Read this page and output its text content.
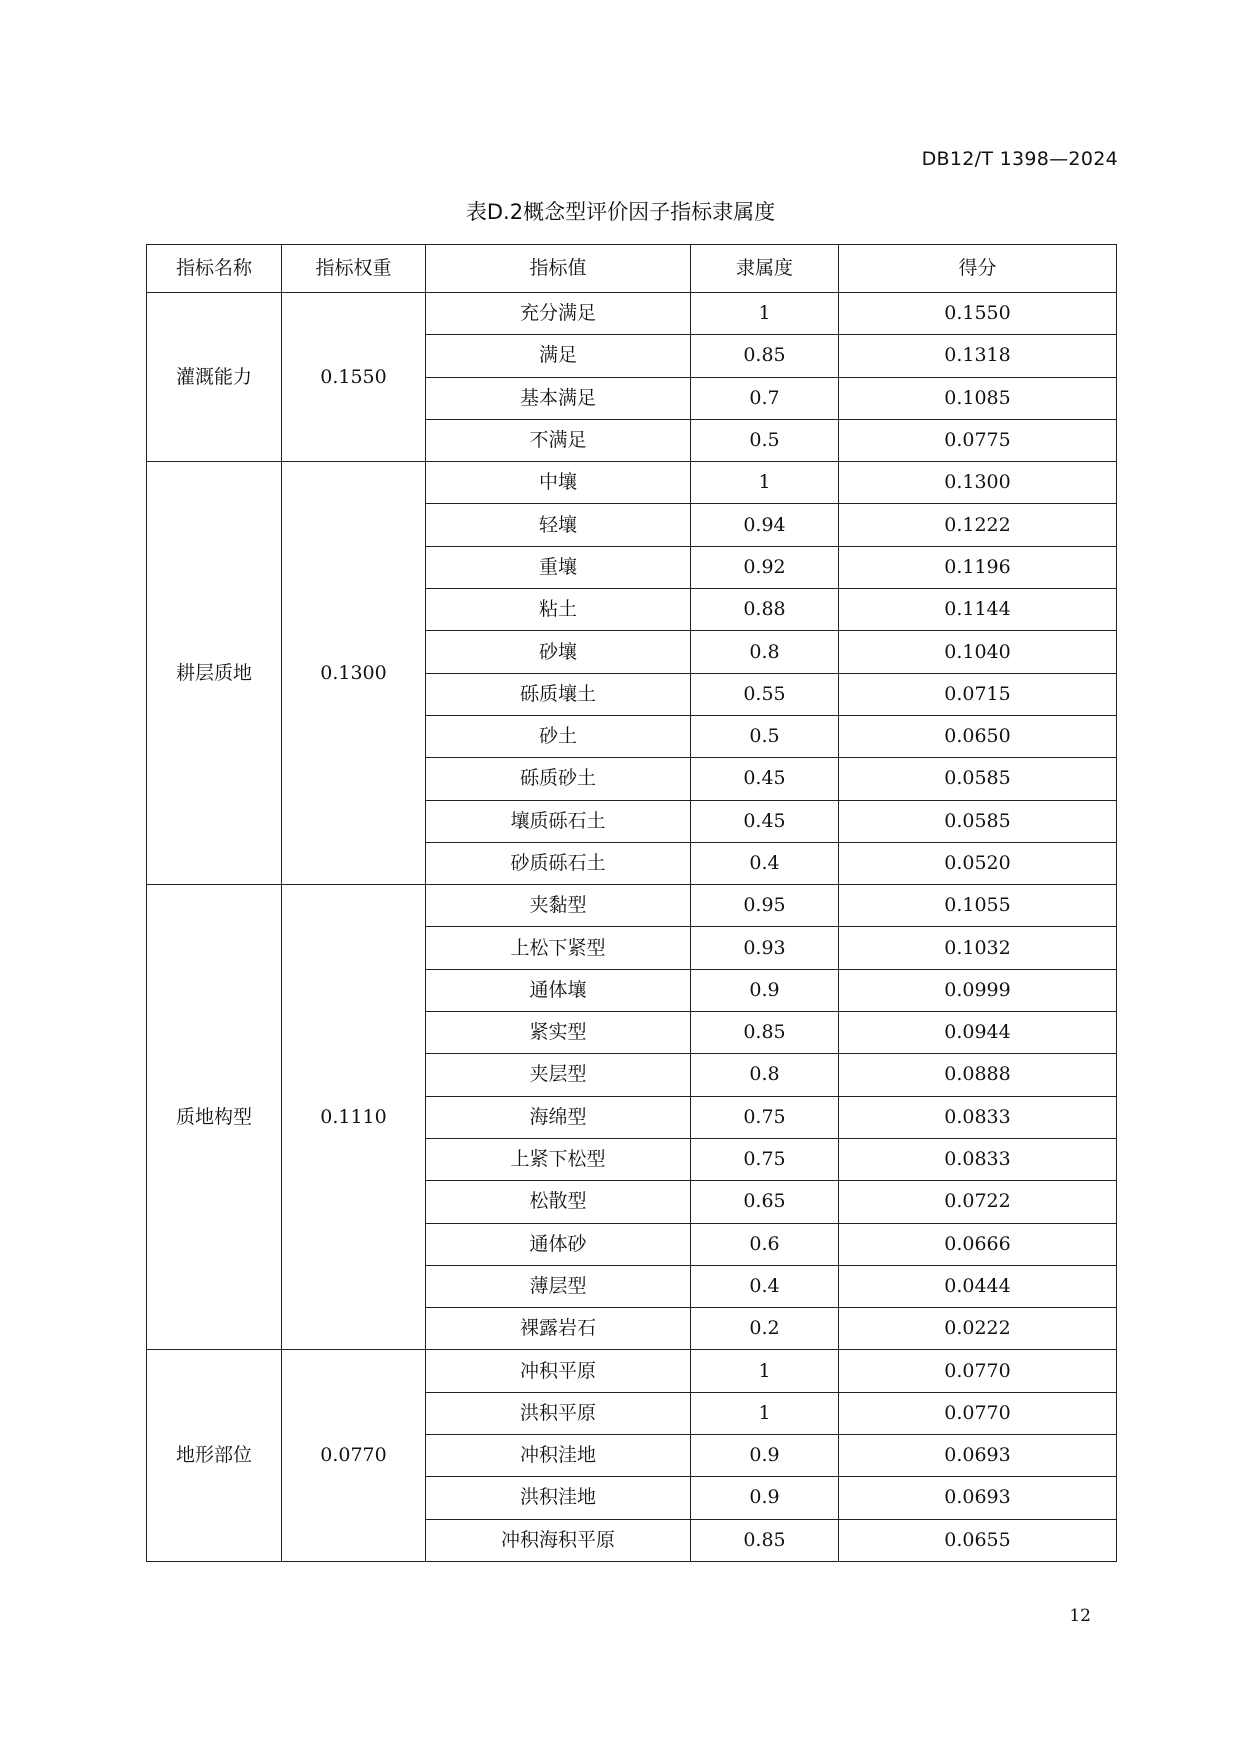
DB12/T 1398—2024
表D.2概念型评价因子指标隶属度
指标名称	指标权重	指标值	隶属度	得分
灌溉能力	0.1550	充分满足	1	0.1550
		满足	0.85	0.1318
		基本满足	0.7	0.1085
		不满足	0.5	0.0775
耕层质地	0.1300	中壤	1	0.1300
		轻壤	0.94	0.1222
		重壤	0.92	0.1196
		粘土	0.88	0.1144
		砂壤	0.8	0.1040
		砾质壤土	0.55	0.0715
		砂土	0.5	0.0650
		砾质砂土	0.45	0.0585
		壤质砾石土	0.45	0.0585
		砂质砾石土	0.4	0.0520
质地构型	0.1110	夹黏型	0.95	0.1055
		上松下紧型	0.93	0.1032
		通体壤	0.9	0.0999
		紧实型	0.85	0.0944
		夹层型	0.8	0.0888
		海绵型	0.75	0.0833
		上紧下松型	0.75	0.0833
		松散型	0.65	0.0722
		通体砂	0.6	0.0666
		薄层型	0.4	0.0444
		裸露岩石	0.2	0.0222
地形部位	0.0770	冲积平原	1	0.0770
		洪积平原	1	0.0770
		冲积洼地	0.9	0.0693
		洪积洼地	0.9	0.0693
		冲积海积平原	0.85	0.0655
12
